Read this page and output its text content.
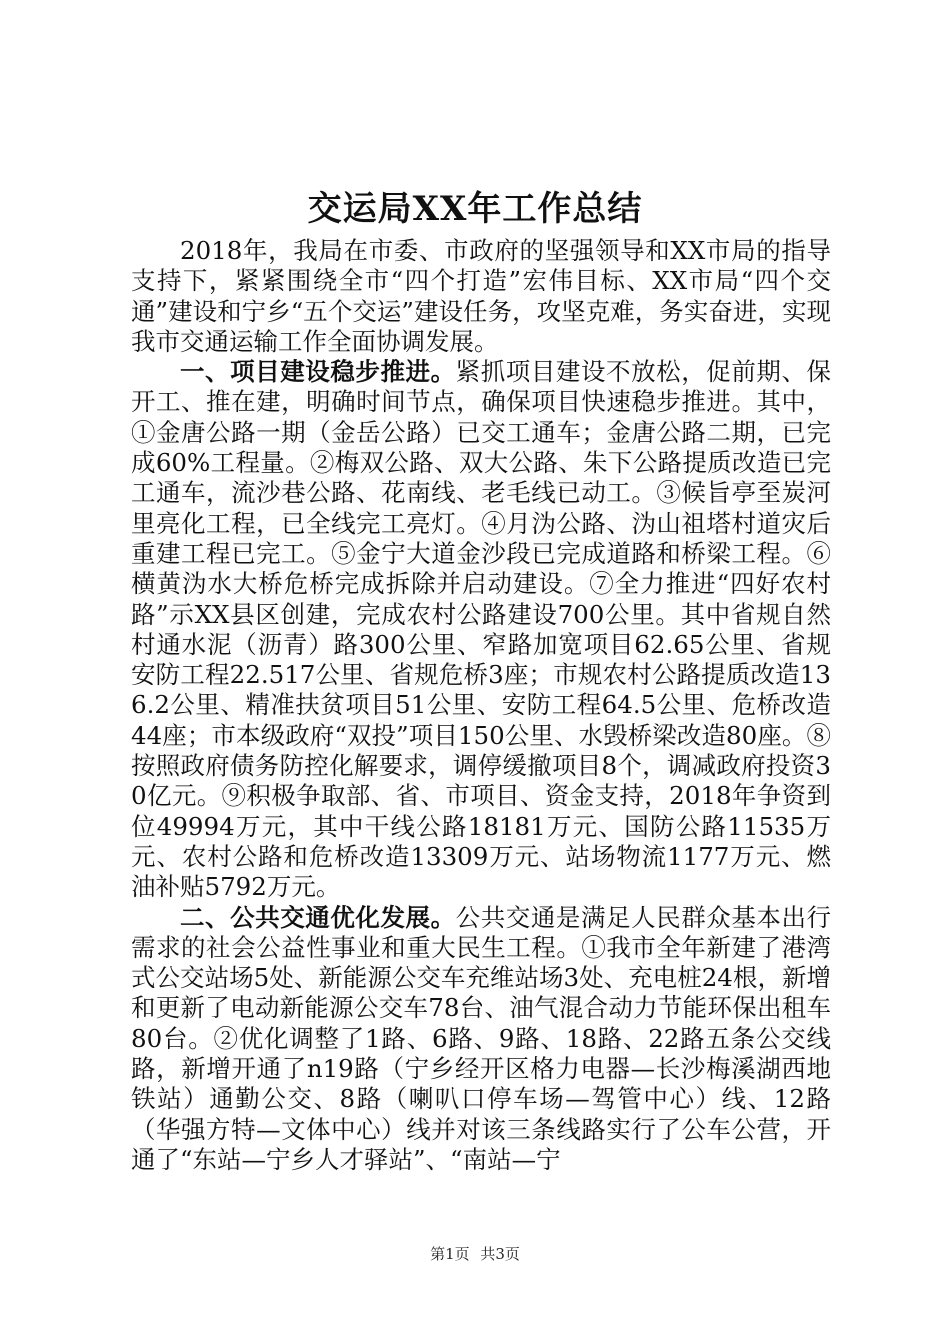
交运局XX年工作总结

2018年，我局在市委、市政府的坚强领导和XX市局的指导支持下，紧紧围绕全市“四个打造”宏伟目标、XX市局“四个交通”建设和宁乡“五个交运”建设任务，攻坚克难，务实奋进，实现我市交通运输工作全面协调发展。

一、项目建设稳步推进。紧抓项目建设不放松，促前期、保开工、推在建，明确时间节点，确保项目快速稳步推进。其中，①金唐公路一期（金岳公路）已交工通车；金唐公路二期，已完成60%工程量。②梅双公路、双大公路、朱下公路提质改造已完工通车，流沙巷公路、花南线、老毛线已动工。③候旨亭至炭河里亮化工程，已全线完工亮灯。④月沩公路、沩山祖塔村道灾后重建工程已完工。⑤金宁大道金沙段已完成道路和桥梁工程。⑥横黄沩水大桥危桥完成拆除并启动建设。⑦全力推进“四好农村路”示XX县区创建，完成农村公路建设700公里。其中省规自然村通水泥（沥青）路300公里、窄路加宽项目62.65公里、省规安防工程22.517公里、省规危桥3座；市规农村公路提质改造136.2公里、精准扶贫项目51公里、安防工程64.5公里、危桥改造44座；市本级政府“双投”项目150公里、水毁桥梁改造80座。⑧按照政府债务防控化解要求，调停缓撤项目8个，调减政府投资30亿元。⑨积极争取部、省、市项目、资金支持，2018年争资到位49994万元，其中干线公路18181万元、国防公路11535万元、农村公路和危桥改造13309万元、站场物流1177万元、燃油补贴5792万元。

二、公共交通优化发展。公共交通是满足人民群众基本出行需求的社会公益性事业和重大民生工程。①我市全年新建了港湾式公交站场5处、新能源公交车充维站场3处、充电桩24根，新增和更新了电动新能源公交车78台、油气混合动力节能环保出租车80台。②优化调整了1路、6路、9路、18路、22路五条公交线路，新增开通了n19路（宁乡经开区格力电器—长沙梅溪湖西地铁站）通勤公交、8路（喇叭口停车场—驾管中心）线、12路（华强方特—文体中心）线并对该三条线路实行了公车公营，开通了“东站—宁乡人才驿站”、“南站—宁

第1页 共3页
